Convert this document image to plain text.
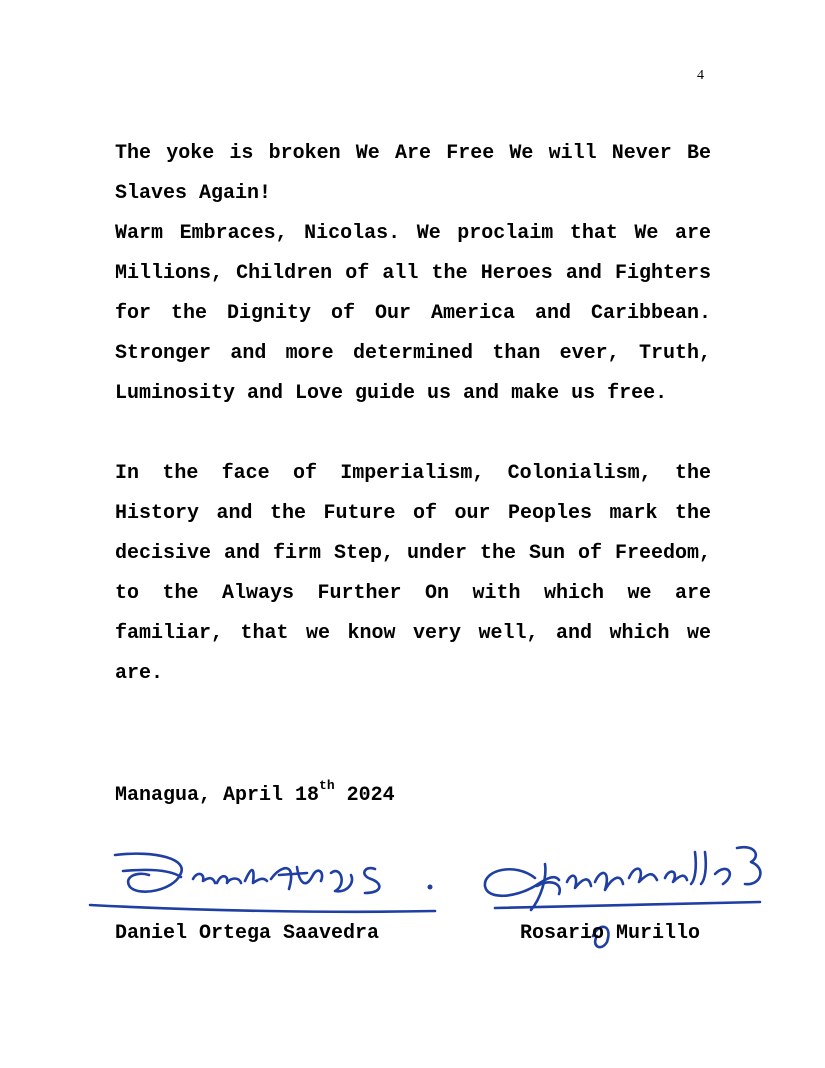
4

The yoke is broken We Are Free We will Never Be Slaves Again!

Warm Embraces, Nicolas. We proclaim that We are Millions, Children of all the Heroes and Fighters for the Dignity of Our America and Caribbean. Stronger and more determined than ever, Truth, Luminosity and Love guide us and make us free.

In the face of Imperialism, Colonialism, the History and the Future of our Peoples mark the decisive and firm Step, under the Sun of Freedom, to the Always Further On with which we are familiar, that we know very well, and which we are.

Managua, April 18th 2024
Daniel Ortega Saavedra	Rosario Murillo
